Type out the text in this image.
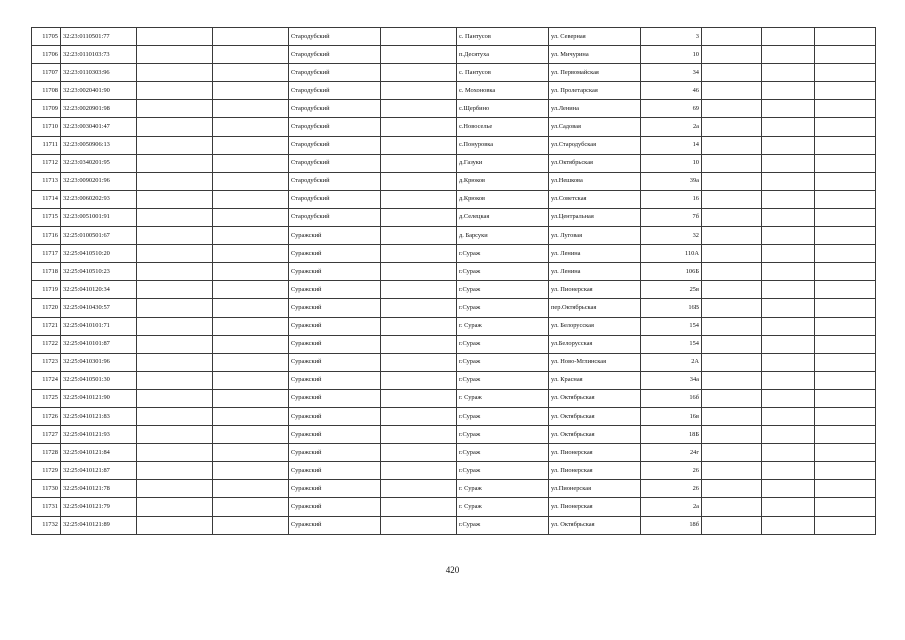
11705	32:23:0110501:77			Стародубский		с. Пантусов	ул. Северная	3			
11706	32:23:0110103:73			Стародубский		п.Десятуха	ул. Мичурина	10			
11707	32:23:0110303:96			Стародубский		с. Пантусов	ул. Первомайская	34			
11708	32:23:0020401:90			Стародубский		с. Мохоновка	ул. Пролетарская	46			
11709	32:23:0020901:98			Стародубский		с.Щербино	ул.Ленина	69			
11710	32:23:0030401:47			Стародубский		с.Новоселье	ул.Садовая	2а			
11711	32:23:0050906:13			Стародубский		с.Понуровка	ул.Стародубская	14			
11712	32:23:0340201:95			Стародубский		д.Газуки	ул.Октябрьская	10			
11713	32:23:0090201:96			Стародубский		д.Крюков	ул.Нешкова	39а			
11714	32:23:0060202:93			Стародубский		д.Крюков	ул.Советская	16			
11715	32:23:0051001:91			Стародубский		д.Селецкая	ул.Центральная	7б			
11716	32:25:0100501:67			Суражский		д. Барсуки	ул. Луговая	32			
11717	32:25:0410510:20			Суражский		г.Сураж	ул. Ленина	110А			
11718	32:25:0410510:23			Суражский		г.Сураж	ул. Ленина	106Б			
11719	32:25:0410120:34			Суражский		г.Сураж	ул. Пионерская	25в			
11720	32:25:0410430:57			Суражский		г.Сураж	пер.Октябрьская	16В			
11721	32:25:0410101:71			Суражский		г. Сураж	ул. Белорусская	154			
11722	32:25:0410101:87			Суражский		г.Сураж	ул.Белорусская	154			
11723	32:25:0410301:96			Суражский		г.Сураж	ул. Ново-Мглинская	2А			
11724	32:25:0410501:30			Суражский		г.Сураж	ул. Красная	34а			
11725	32:25:0410121:90			Суражский		г. Сураж	ул. Октябрьская	16б			
11726	32:25:0410121:83			Суражский		г.Сураж	ул. Октябрьская	16в			
11727	32:25:0410121:93			Суражский		г.Сураж	ул. Октябрьская	18Б			
11728	32:25:0410121:84			Суражский		г.Сураж	ул. Пионерская	24г			
11729	32:25:0410121:87			Суражский		г.Сураж	ул. Пионерская	26			
11730	32:25:0410121:78			Суражский		г. Сураж	ул.Пионерская	26			
11731	32:25:0410121:79			Суражский		г. Сураж	ул. Пионерская	2а			
11732	32:25:0410121:89			Суражский		г.Сураж	ул. Октябрьская	18б			
420
